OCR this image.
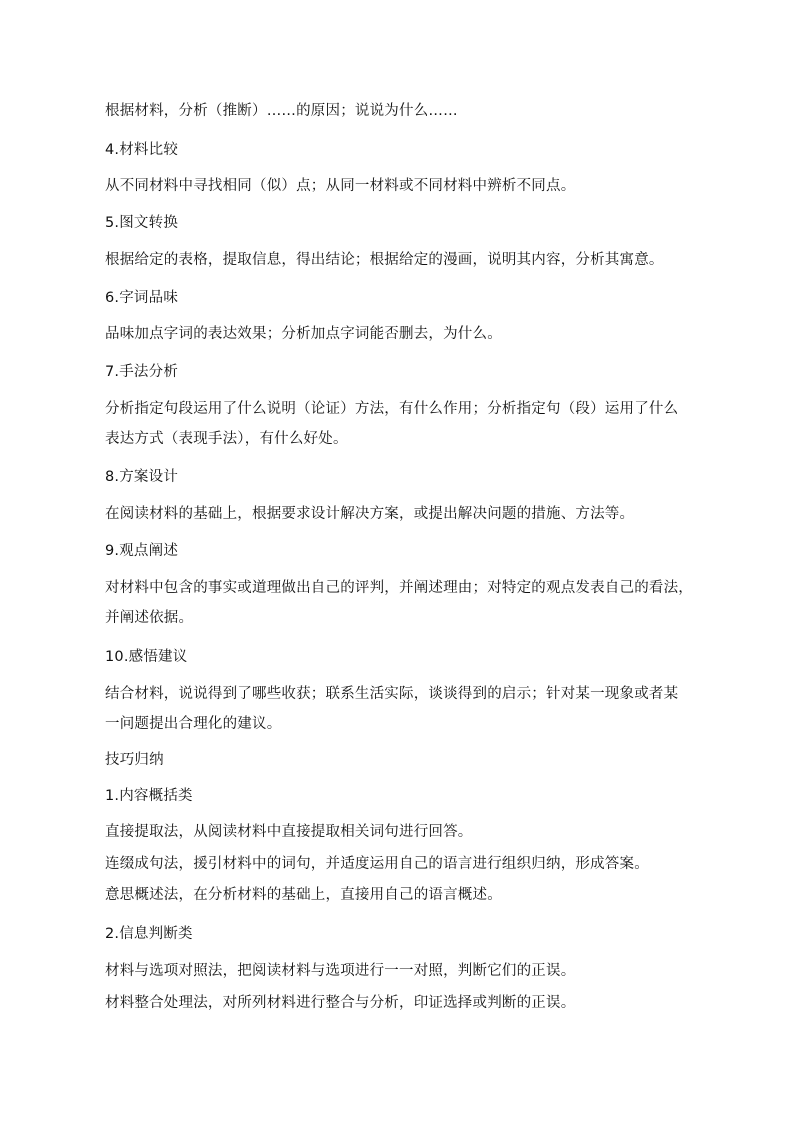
根据材料，分析（推断）……的原因；说说为什么……
4.材料比较
从不同材料中寻找相同（似）点；从同一材料或不同材料中辨析不同点。
5.图文转换
根据给定的表格，提取信息，得出结论；根据给定的漫画，说明其内容，分析其寓意。
6.字词品味
品味加点字词的表达效果；分析加点字词能否删去，为什么。
7.手法分析
分析指定句段运用了什么说明（论证）方法，有什么作用；分析指定句（段）运用了什么
表达方式（表现手法），有什么好处。
8.方案设计
在阅读材料的基础上，根据要求设计解决方案，或提出解决问题的措施、方法等。
9.观点阐述
对材料中包含的事实或道理做出自己的评判，并阐述理由；对特定的观点发表自己的看法，
并阐述依据。
10.感悟建议
结合材料，说说得到了哪些收获；联系生活实际，谈谈得到的启示；针对某一现象或者某
一问题提出合理化的建议。
技巧归纳
1.内容概括类
直接提取法，从阅读材料中直接提取相关词句进行回答。
连缀成句法，援引材料中的词句，并适度运用自己的语言进行组织归纳，形成答案。
意思概述法，在分析材料的基础上，直接用自己的语言概述。
2.信息判断类
材料与选项对照法，把阅读材料与选项进行一一对照，判断它们的正误。
材料整合处理法，对所列材料进行整合与分析，印证选择或判断的正误。
